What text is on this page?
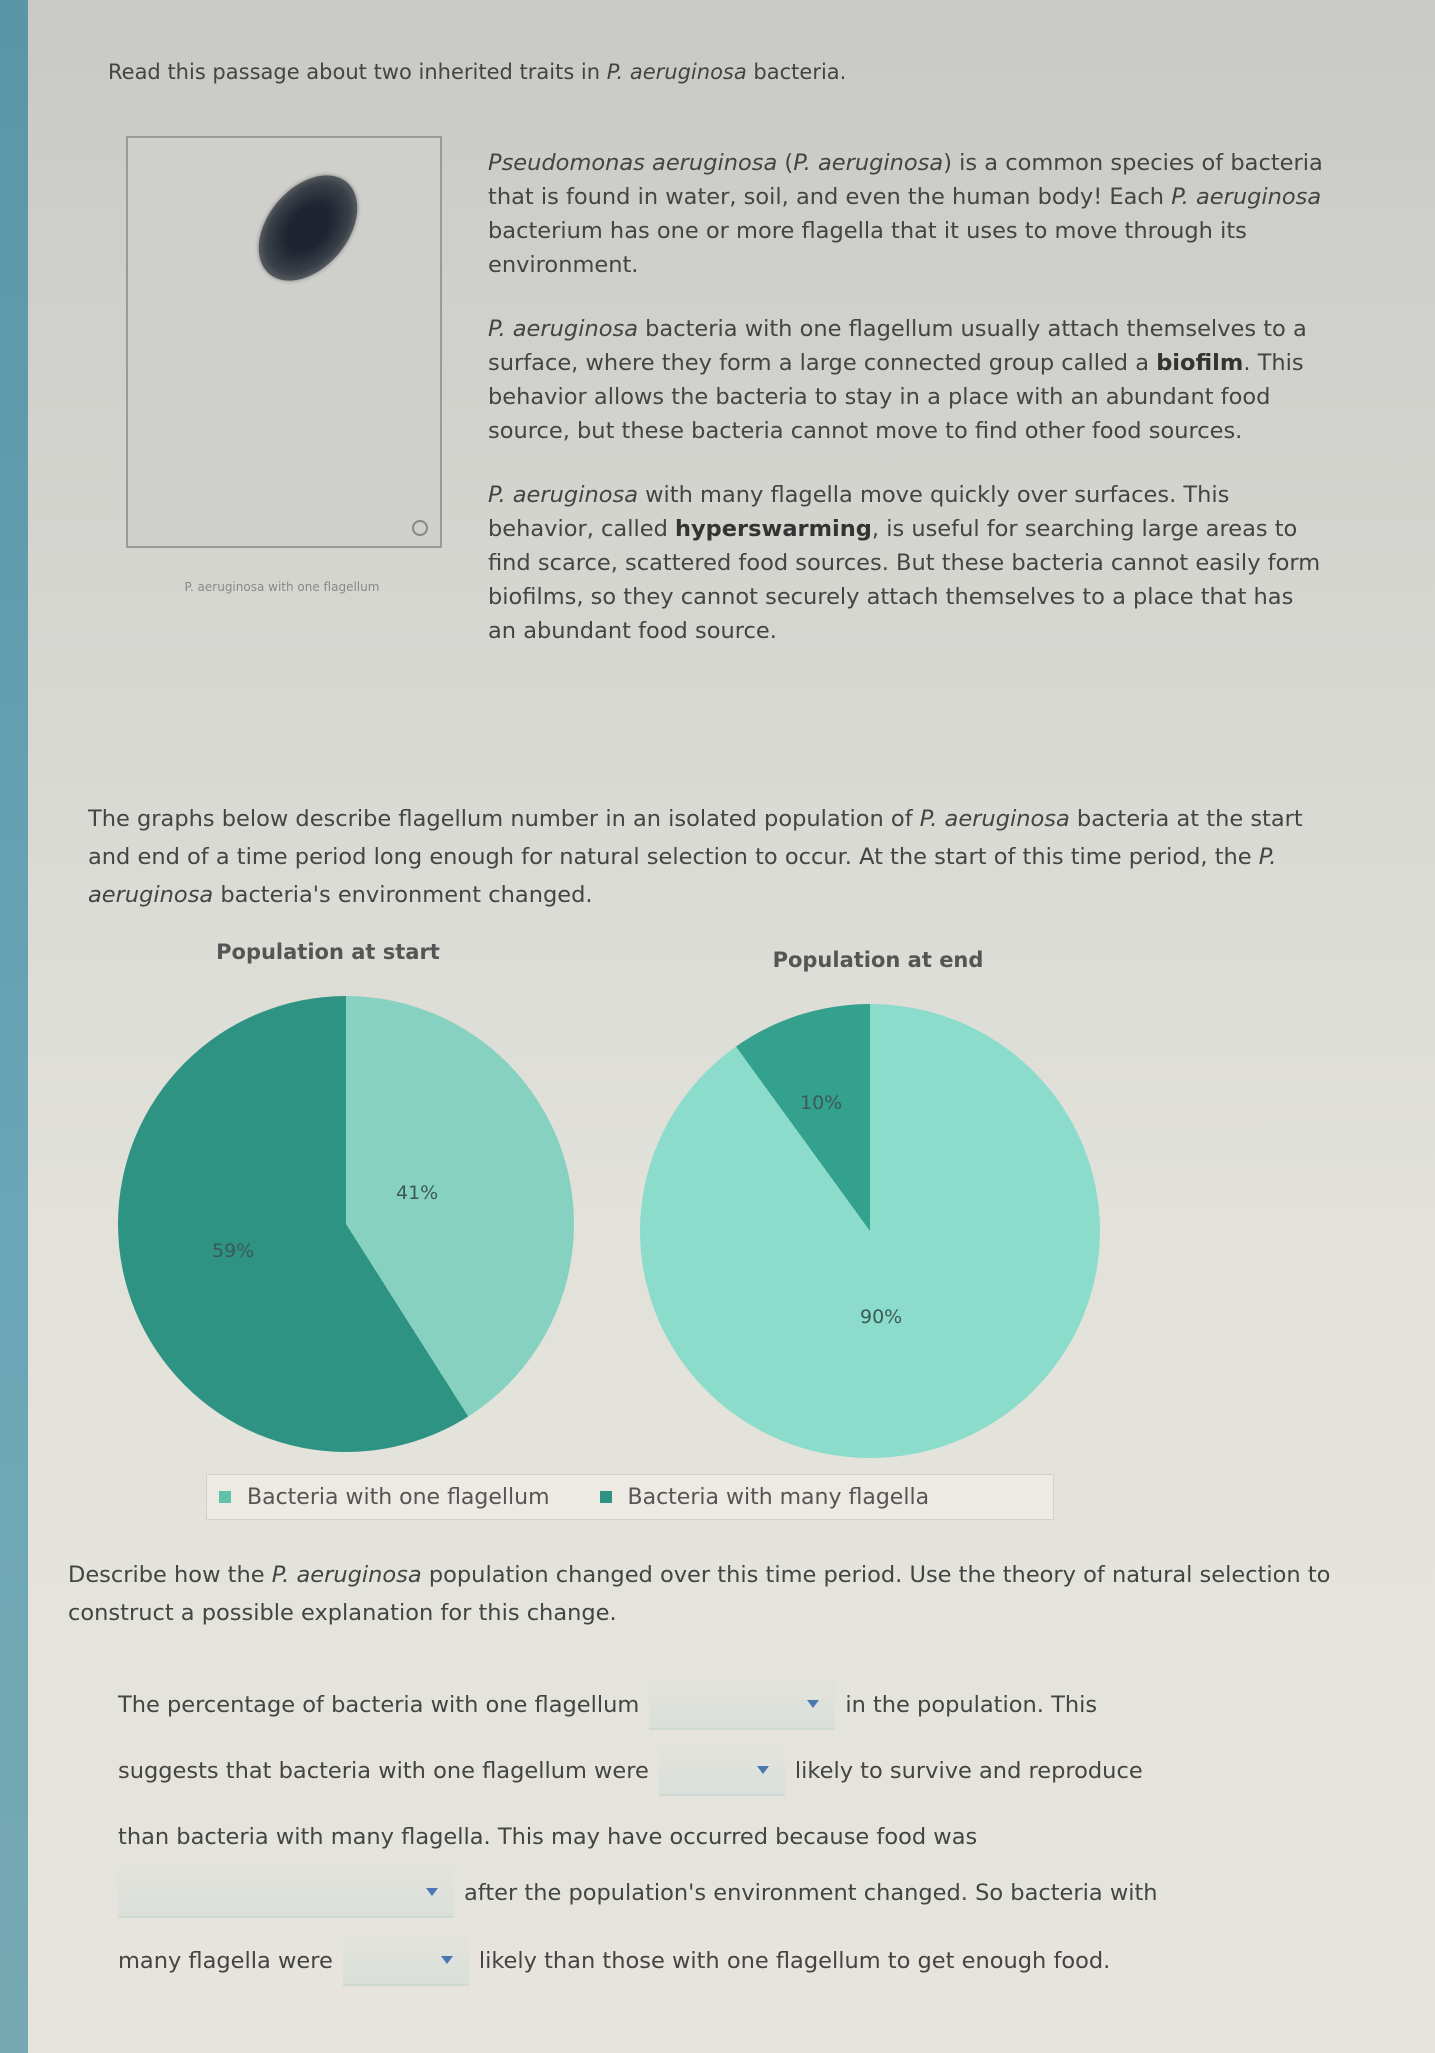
Read this passage about two inherited traits in P. aeruginosa bacteria.
P. aeruginosa with one flagellum

Pseudomonas aeruginosa (P. aeruginosa) is a common species of bacteria that is found in water, soil, and even the human body! Each P. aeruginosa bacterium has one or more flagella that it uses to move through its environment.

P. aeruginosa bacteria with one flagellum usually attach themselves to a surface, where they form a large connected group called a biofilm. This behavior allows the bacteria to stay in a place with an abundant food source, but these bacteria cannot move to find other food sources.

P. aeruginosa with many flagella move quickly over surfaces. This behavior, called hyperswarming, is useful for searching large areas to find scarce, scattered food sources. But these bacteria cannot easily form biofilms, so they cannot securely attach themselves to a place that has an abundant food source.

The graphs below describe flagellum number in an isolated population of P. aeruginosa bacteria at the start and end of a time period long enough for natural selection to occur. At the start of this time period, the P. aeruginosa bacteria's environment changed.
Population at start
41%
59%
Population at end
10%
90%
Bacteria with one flagellum	Bacteria with many flagella
Describe how the P. aeruginosa population changed over this time period. Use the theory of natural selection to construct a possible explanation for this change.
The percentage of bacteria with one flagellum	in the population. This
suggests that bacteria with one flagellum were	likely to survive and reproduce
than bacteria with many flagella. This may have occurred because food was
after the population's environment changed. So bacteria with
many flagella were	likely than those with one flagellum to get enough food.
